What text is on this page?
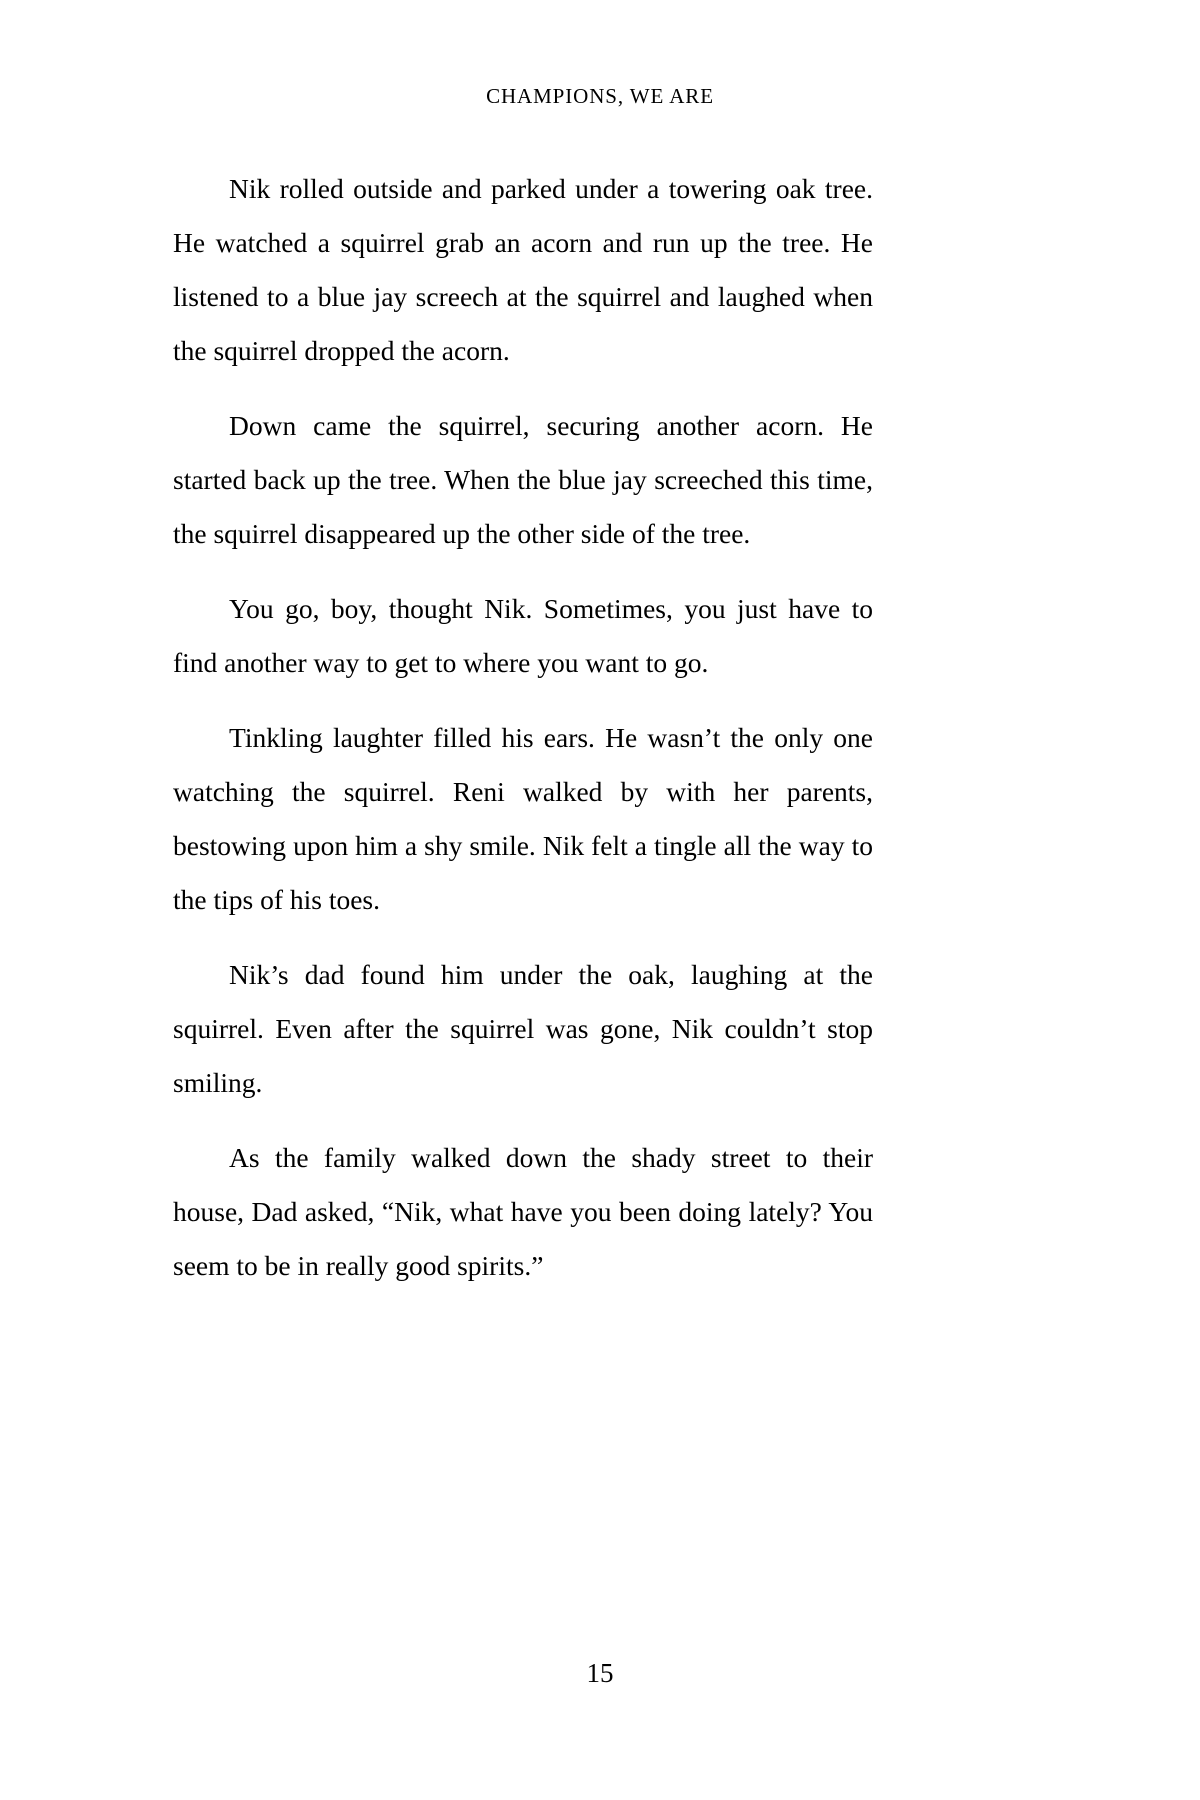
CHAMPIONS, WE ARE

Nik rolled outside and parked under a towering oak tree. He watched a squirrel grab an acorn and run up the tree. He listened to a blue jay screech at the squirrel and laughed when the squirrel dropped the acorn.

Down came the squirrel, securing another acorn. He started back up the tree. When the blue jay screeched this time, the squirrel disappeared up the other side of the tree.

You go, boy, thought Nik. Sometimes, you just have to find another way to get to where you want to go.

Tinkling laughter filled his ears. He wasn’t the only one watching the squirrel. Reni walked by with her parents, bestowing upon him a shy smile. Nik felt a tingle all the way to the tips of his toes.

Nik’s dad found him under the oak, laughing at the squirrel. Even after the squirrel was gone, Nik couldn’t stop smiling.

As the family walked down the shady street to their house, Dad asked, “Nik, what have you been doing lately? You seem to be in really good spirits.”

15
